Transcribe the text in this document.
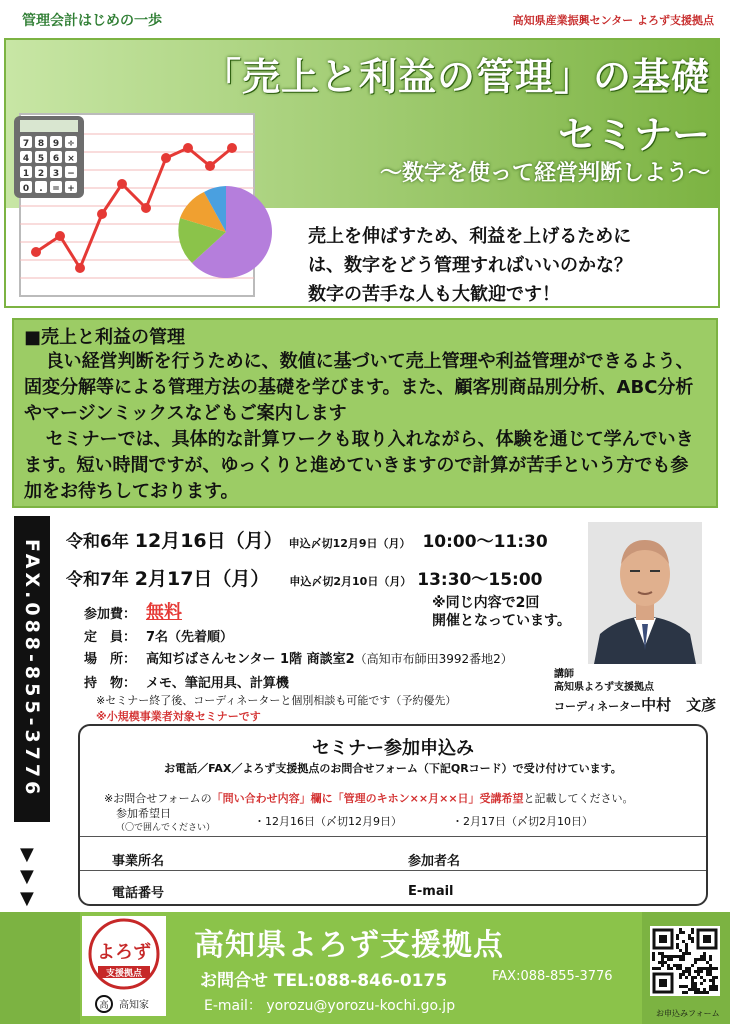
管理会計はじめの一歩	高知県産業振興センター よろず支援拠点
「売上と利益の管理」の基礎
セミナー
〜数字を使って経営判断しよう〜
売上を伸ばすため、利益を上げるために
は、数字をどう管理すればいいのかな？
数字の苦手な人も大歓迎です！
7 8 9 ÷
4 5 6 ×
1 2 3 −
0 . = +
■売上と利益の管理

良い経営判断を行うために、数値に基づいて売上管理や利益管理ができるよう、固変分解等による管理方法の基礎を学びます。また、顧客別商品別分析、ABC分析やマージンミックスなどもご案内します

セミナーでは、具体的な計算ワークも取り入れながら、体験を通じて学んでいきます。短い時間ですが、ゆっくりと進めていきますので計算が苦手という方でも参加をお待ちしております。

FAX.088-855-3776
▼
▼
▼
令和6年 12月16日（月） 申込〆切12月9日（月） 10:00〜11:30
令和7年 2月17日（月） 申込〆切2月10日（月） 13:30〜15:00
※同じ内容で2回
開催となっています。
参加費： 無料
定　員： 7名（先着順）
場　所： 高知ぢばさんセンター 1階 商談室2（高知市布師田3992番地2）
持　物： メモ、筆記用具、計算機
※セミナー終了後、コーディネーターと個別相談も可能です（予約優先）
※小規模事業者対象セミナーです
講師
高知県よろず支援拠点
コーディネーター中村　文彦
セミナー参加申込み
お電話／FAX／よろず支援拠点のお問合せフォーム（下記QRコード）で受け付けています。
※お問合せフォームの「問い合わせ内容」欄に「管理のキホン××月××日」受講希望と記載してください。
参加希望日
（〇で囲んでください）	・12月16日（〆切12月9日）	・2月17日（〆切2月10日）
事業所名	参加者名
電話番号	E-mail
よろず
支援拠点
高 高知家
高知県よろず支援拠点
お問合せ TEL:088-846-0175	FAX:088-855-3776
E-mail： yorozu@yorozu-kochi.go.jp	お申込みフォーム
